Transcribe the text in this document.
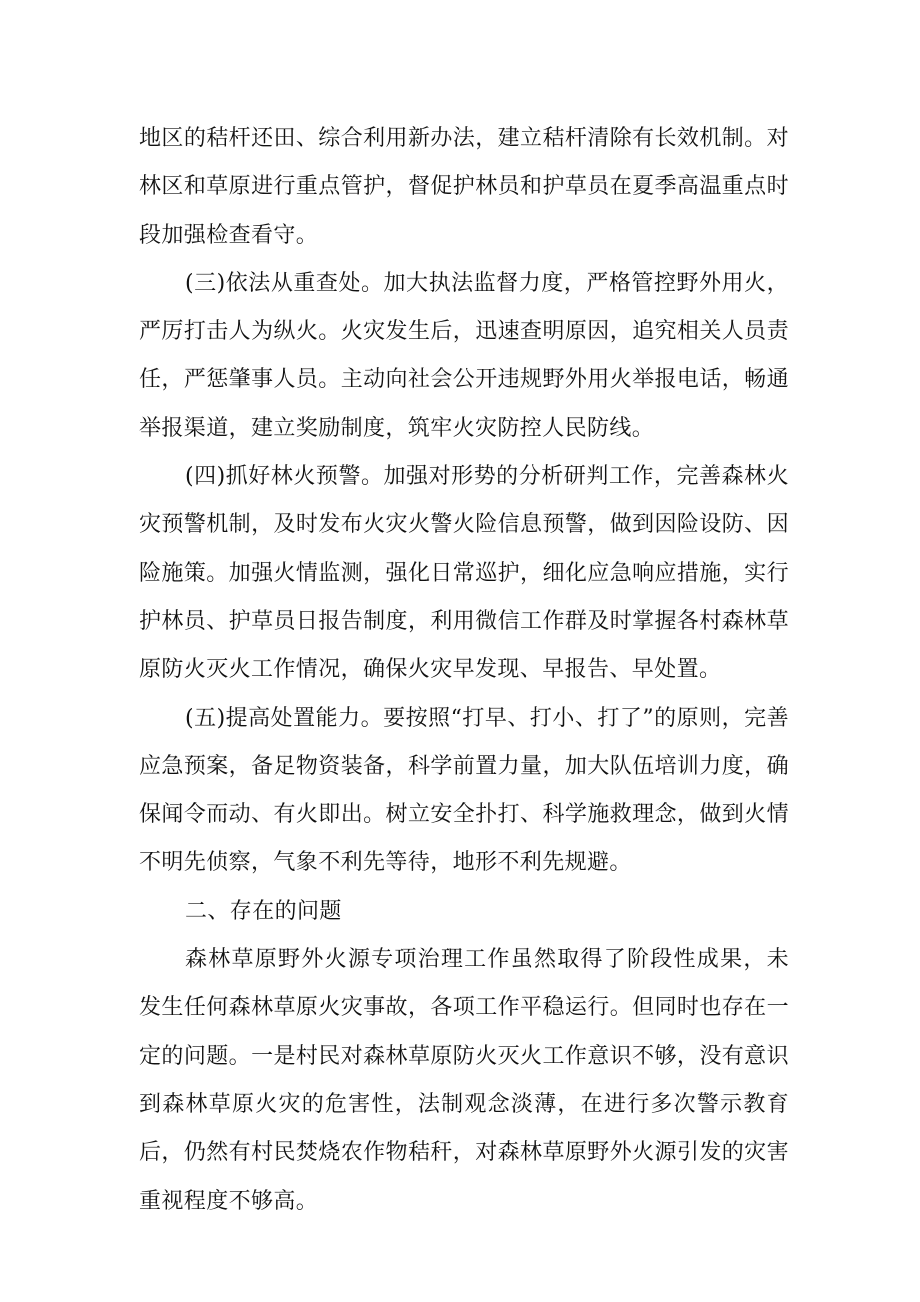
地区的秸杆还田、综合利用新办法，建立秸杆清除有长效机制。对林区和草原进行重点管护，督促护林员和护草员在夏季高温重点时段加强检查看守。

(三)依法从重查处。加大执法监督力度，严格管控野外用火，严厉打击人为纵火。火灾发生后，迅速查明原因，追究相关人员责任，严惩肇事人员。主动向社会公开违规野外用火举报电话，畅通举报渠道，建立奖励制度，筑牢火灾防控人民防线。

(四)抓好林火预警。加强对形势的分析研判工作，完善森林火灾预警机制，及时发布火灾火警火险信息预警，做到因险设防、因险施策。加强火情监测，强化日常巡护，细化应急响应措施，实行护林员、护草员日报告制度，利用微信工作群及时掌握各村森林草原防火灭火工作情况，确保火灾早发现、早报告、早处置。

(五)提高处置能力。要按照“打早、打小、打了”的原则，完善应急预案，备足物资装备，科学前置力量，加大队伍培训力度，确保闻令而动、有火即出。树立安全扑打、科学施救理念，做到火情不明先侦察，气象不利先等待，地形不利先规避。

二、存在的问题

森林草原野外火源专项治理工作虽然取得了阶段性成果，未发生任何森林草原火灾事故，各项工作平稳运行。但同时也存在一定的问题。一是村民对森林草原防火灭火工作意识不够，没有意识到森林草原火灾的危害性，法制观念淡薄，在进行多次警示教育后，仍然有村民焚烧农作物秸秆，对森林草原野外火源引发的灾害重视程度不够高。
